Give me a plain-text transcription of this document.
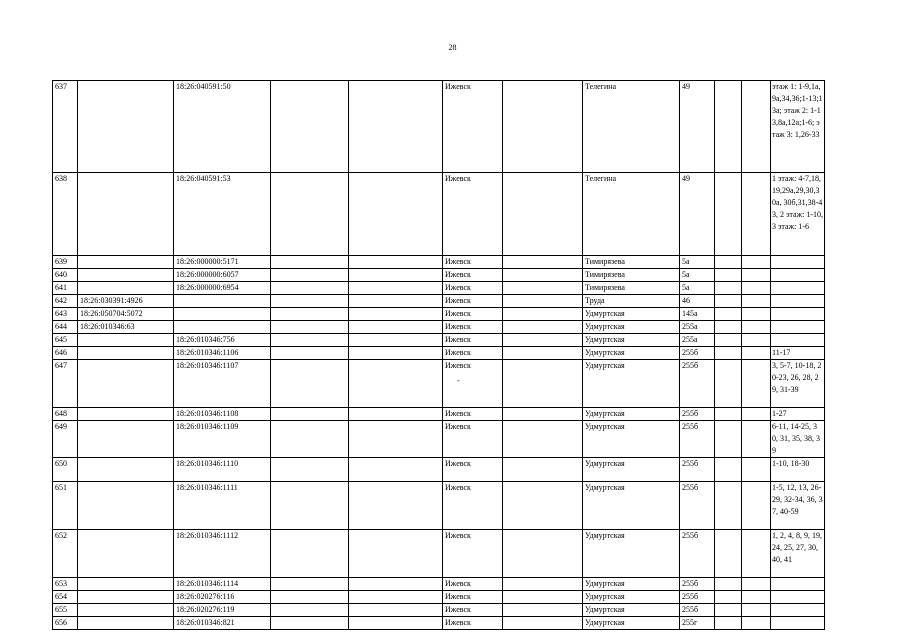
28
637		18:26:040591:50			Ижевск		Телегина	49			этаж 1: 1-9,1а,9а,34,36;1-13;13а; этаж 2: 1-13,8а,12а;1-6; этаж 3: 1,26-33
638		18:26:040591:53			Ижевск		Телегина	49			1 этаж: 4-7,18,19,29а,29,30,30а, 30б,31,38-43, 2 этаж: 1-10, 3 этаж: 1-6
639		18:26:000000:5171			Ижевск		Тимирязева	5а			
640		18:26:000000:6057			Ижевск		Тимирязева	5а			
641		18:26:000000:6954			Ижевск		Тимирязева	5а			
642	18:26:030391:4926				Ижевск		Труда	46			
643	18:26:050704:5072				Ижевск		Удмуртская	145а			
644	18:26:010346:63				Ижевск		Удмуртская	255а			
645		18:26:010346:756			Ижевск		Удмуртская	255а			
646		18:26:010346:1106			Ижевск		Удмуртская	255б			11-17
647		18:26:010346:1107			Ижевск		Удмуртская	255б			3, 5-7, 10-18, 20-23, 26, 28, 29, 31-39
648		18:26:010346:1108			Ижевск		Удмуртская	255б			1-27
649		18:26:010346:1109			Ижевск		Удмуртская	255б			6-11, 14-25, 30, 31, 35, 38, 39
650		18:26:010346:1110			Ижевск		Удмуртская	255б			1-10, 18-30
651		18:26:010346:1111			Ижевск		Удмуртская	255б			1-5, 12, 13, 26-29, 32-34, 36, 37, 40-59
652		18:26:010346:1112			Ижевск		Удмуртская	255б			1, 2, 4, 8, 9, 19, 24, 25, 27, 30, 40, 41
653		18:26:010346:1114			Ижевск		Удмуртская	255б			
654		18:26:020276:116			Ижевск		Удмуртская	255б			
655		18:26:020276:119			Ижевск		Удмуртская	255б			
656		18:26:010346:821			Ижевск		Удмуртская	255г			
-
